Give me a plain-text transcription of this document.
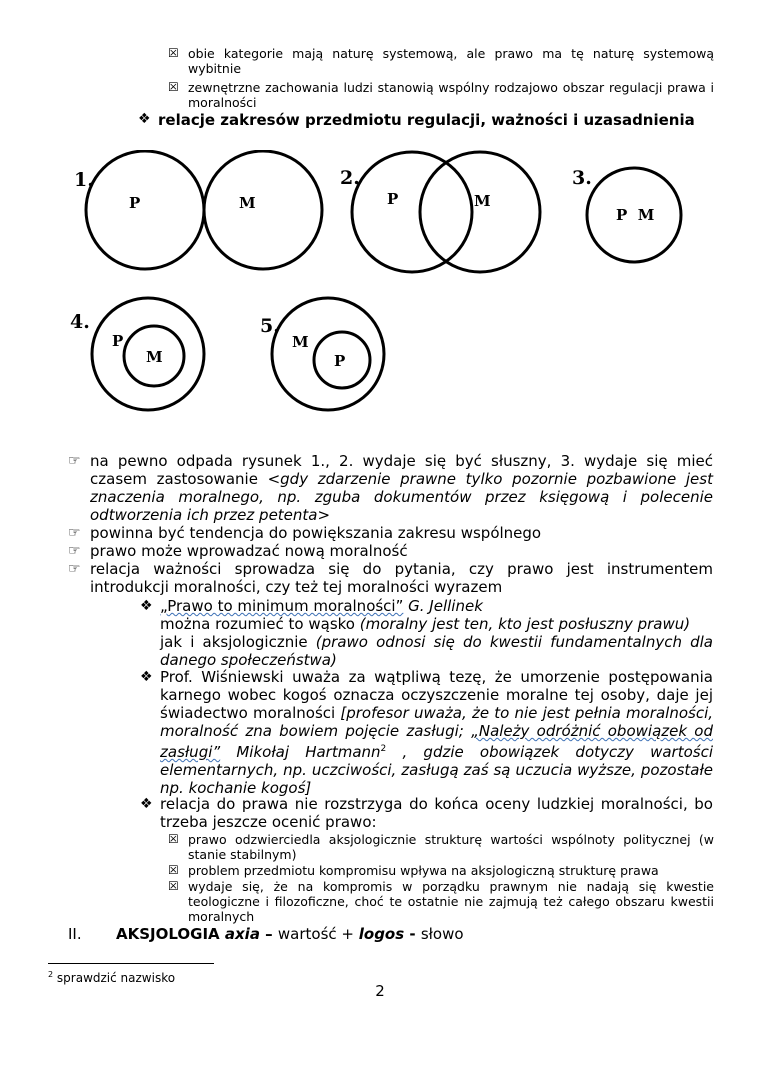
☒ obie kategorie mają naturę systemową, ale prawo ma tę naturę systemową wybitnie
☒ zewnętrzne zachowania ludzi stanowią wspólny rodzajowo obszar regulacji prawa i moralności
❖ relacje zakresów przedmiotu regulacji, ważności i uzasadnienia
1.	2.	3.
4.	5.
P	M	P	M
P  M
P
M
M
P
☞ na pewno odpada rysunek 1., 2. wydaje się być słuszny, 3. wydaje się mieć czasem zastosowanie <gdy zdarzenie prawne tylko pozornie pozbawione jest znaczenia moralnego, np. zguba dokumentów przez księgową i polecenie odtworzenia ich przez petenta>
☞ powinna być tendencja do powiększania zakresu wspólnego
☞ prawo może wprowadzać nową moralność
☞ relacja ważności sprowadza się do pytania, czy prawo jest instrumentem introdukcji moralności, czy też tej moralności wyrazem
❖ „Prawo to minimum moralności” G. Jellinek
można rozumieć to wąsko (moralny jest ten, kto jest posłuszny prawu)
jak i aksjologicznie (prawo odnosi się do kwestii fundamentalnych dla danego społeczeństwa)
❖ Prof. Wiśniewski uważa za wątpliwą tezę, że umorzenie postępowania karnego wobec kogoś oznacza oczyszczenie moralne tej osoby, daje jej świadectwo moralności [profesor uważa, że to nie jest pełnia moralności, moralność zna bowiem pojęcie zasługi; „Należy odróżnić obowiązek od zasługi” Mikołaj Hartmann$^2$ , gdzie obowiązek dotyczy wartości elementarnych, np. uczciwości, zasługą zaś są uczucia wyższe, pozostałe np. kochanie kogoś]
❖ relacja do prawa nie rozstrzyga do końca oceny ludzkiej moralności, bo trzeba jeszcze ocenić prawo:
☒ prawo odzwierciedla aksjologicznie strukturę wartości wspólnoty politycznej (w stanie stabilnym)
☒ problem przedmiotu kompromisu wpływa na aksjologiczną strukturę prawa
☒ wydaje się, że na kompromis w porządku prawnym nie nadają się kwestie teologiczne i filozoficzne, choć te ostatnie nie zajmują też całego obszaru kwestii moralnych
II. AKSJOLOGIA axia – wartość + logos - słowo
$^2$ sprawdzić nazwisko
2
